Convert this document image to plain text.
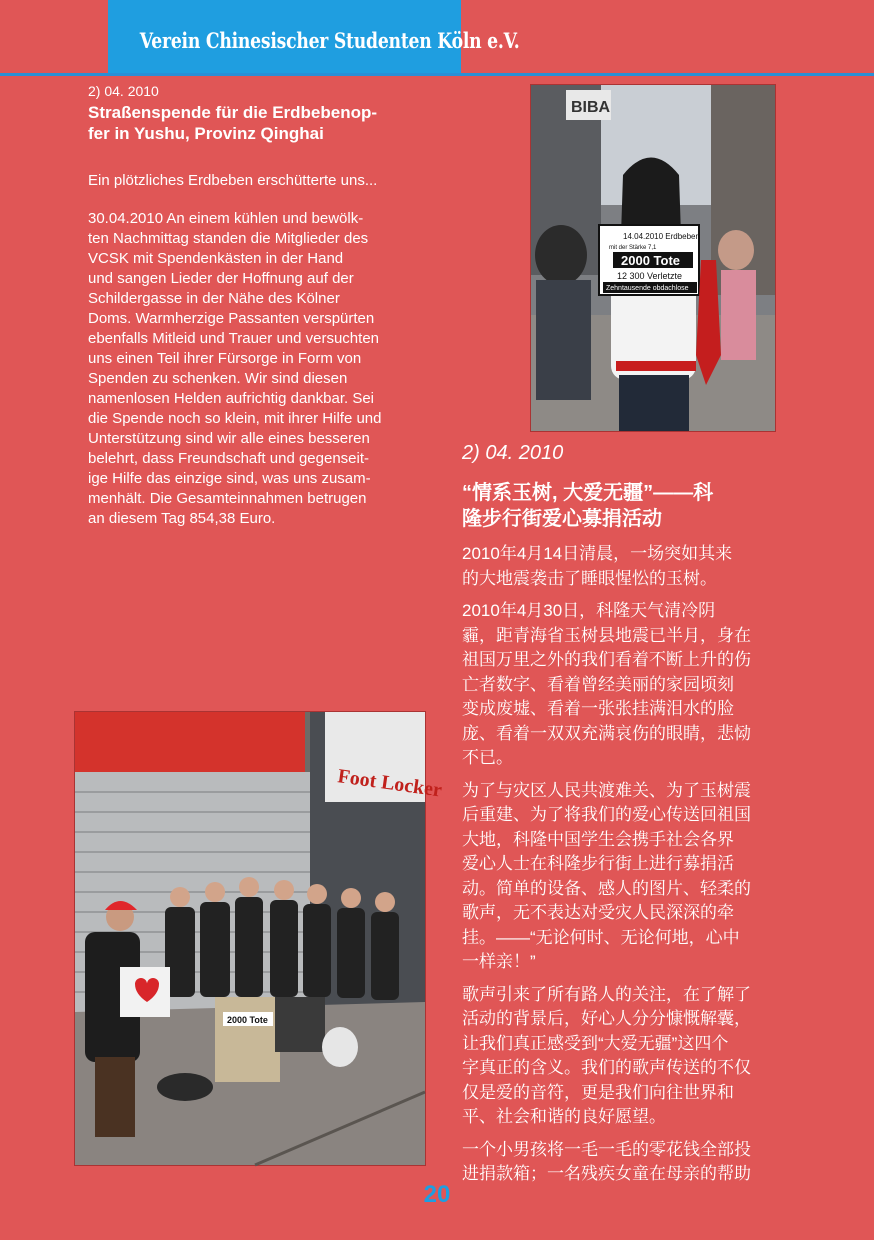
Verein Chinesischer Studenten Köln e.V.
2) 04. 2010
Straßenspende für die Erdbebenop-
fer in Yushu, Provinz Qinghai
Ein plötzliches Erdbeben erschütterte uns...

30.04.2010 An einem kühlen und bewölk-

ten Nachmittag standen die Mitglieder des

VCSK mit Spendenkästen in der Hand

und sangen Lieder der Hoffnung auf der

Schildergasse in der Nähe des Kölner

Doms. Warmherzige Passanten verspürten

ebenfalls Mitleid und Trauer und versuchten

uns einen Teil ihrer Fürsorge in Form von

Spenden zu schenken. Wir sind diesen

namenlosen Helden aufrichtig dankbar. Sei

die Spende noch so klein, mit ihrer Hilfe und

Unterstützung sind wir alle eines besseren

belehrt, dass Freundschaft und gegenseit-

ige Hilfe das einzige sind, was uns zusam-

menhält. Die Gesamteinnahmen betrugen

an diesem Tag 854,38 Euro.

BIBA
14.04.2010 Erdbeben
mit der Stärke 7,1
2000 Tote
12 300 Verletzte
Zehntausende obdachlose
Foot Locker
2000 Tote
2) 04. 2010
“情系玉树, 大爱无疆”——科
隆步行街爱心募捐活动

2010年4月14日清晨，一场突如其来
的大地震袭击了睡眼惺忪的玉树。

2010年4月30日，科隆天气清冷阴
霾，距青海省玉树县地震已半月，身在
祖国万里之外的我们看着不断上升的伤
亡者数字、看着曾经美丽的家园顷刻
变成废墟、看着一张张挂满泪水的脸
庞、看着一双双充满哀伤的眼睛，悲恸
不已。

为了与灾区人民共渡难关、为了玉树震
后重建、为了将我们的爱心传送回祖国
大地，科隆中国学生会携手社会各界
爱心人士在科隆步行街上进行募捐活
动。简单的设备、感人的图片、轻柔的
歌声，无不表达对受灾人民深深的牵
挂。——“无论何时、无论何地，心中
一样亲！”

歌声引来了所有路人的关注，在了解了
活动的背景后，好心人分分慷慨解囊，
让我们真正感受到“大爱无疆”这四个
字真正的含义。我们的歌声传送的不仅
仅是爱的音符，更是我们向往世界和
平、社会和谐的良好愿望。

一个小男孩将一毛一毛的零花钱全部投
进捐款箱；一名残疾女童在母亲的帮助

20
